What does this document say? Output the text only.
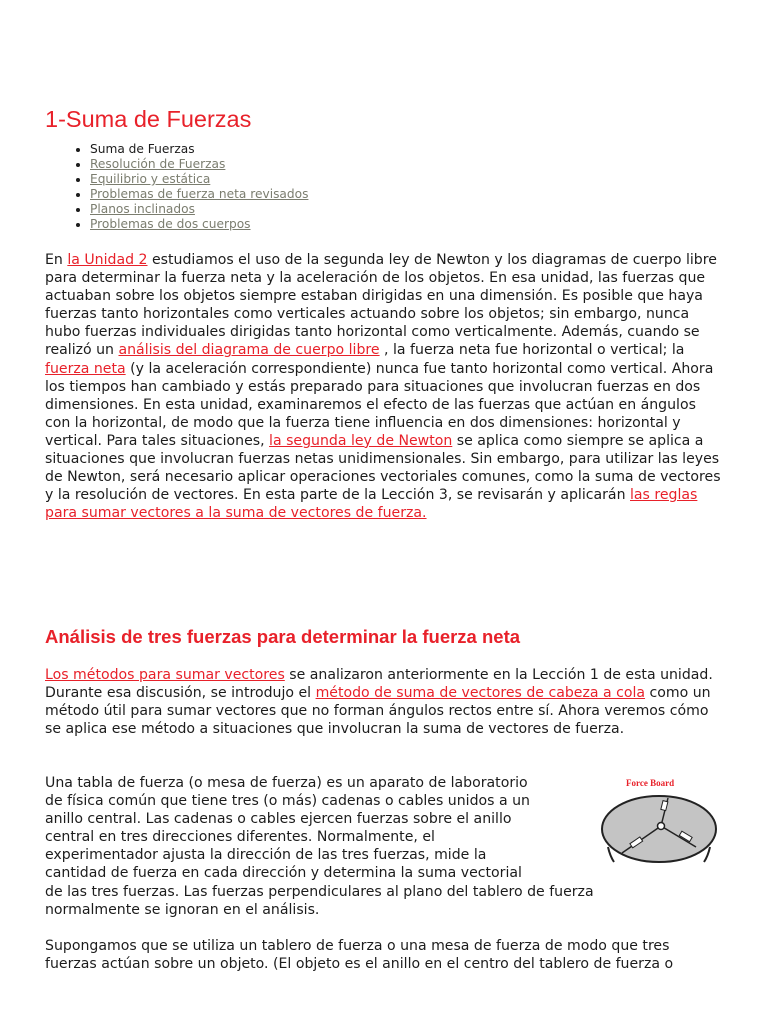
1-Suma de Fuerzas
• Suma de Fuerzas
• Resolución de Fuerzas
• Equilibrio y estática
• Problemas de fuerza neta revisados
• Planos inclinados
• Problemas de dos cuerpos

En la Unidad 2 estudiamos el uso de la segunda ley de Newton y los diagramas de cuerpo libre para determinar la fuerza neta y la aceleración de los objetos. En esa unidad, las fuerzas que actuaban sobre los objetos siempre estaban dirigidas en una dimensión. Es posible que haya fuerzas tanto horizontales como verticales actuando sobre los objetos; sin embargo, nunca hubo fuerzas individuales dirigidas tanto horizontal como verticalmente. Además, cuando se realizó un análisis del diagrama de cuerpo libre , la fuerza neta fue horizontal o vertical; la fuerza neta (y la aceleración correspondiente) nunca fue tanto horizontal como vertical. Ahora los tiempos han cambiado y estás preparado para situaciones que involucran fuerzas en dos dimensiones. En esta unidad, examinaremos el efecto de las fuerzas que actúan en ángulos con la horizontal, de modo que la fuerza tiene influencia en dos dimensiones: horizontal y vertical. Para tales situaciones, la segunda ley de Newton se aplica como siempre se aplica a situaciones que involucran fuerzas netas unidimensionales. Sin embargo, para utilizar las leyes de Newton, será necesario aplicar operaciones vectoriales comunes, como la suma de vectores y la resolución de vectores. En esta parte de la Lección 3, se revisarán y aplicarán las reglas para sumar vectores a la suma de vectores de fuerza.

Análisis de tres fuerzas para determinar la fuerza neta

Los métodos para sumar vectores se analizaron anteriormente en la Lección 1 de esta unidad. Durante esa discusión, se introdujo el método de suma de vectores de cabeza a cola como un método útil para sumar vectores que no forman ángulos rectos entre sí. Ahora veremos cómo se aplica ese método a situaciones que involucran la suma de vectores de fuerza.

Una tabla de fuerza (o mesa de fuerza) es un aparato de laboratorio
de física común que tiene tres (o más) cadenas o cables unidos a un
anillo central. Las cadenas o cables ejercen fuerzas sobre el anillo
central en tres direcciones diferentes. Normalmente, el
experimentador ajusta la dirección de las tres fuerzas, mide la
cantidad de fuerza en cada dirección y determina la suma vectorial
de las tres fuerzas. Las fuerzas perpendiculares al plano del tablero de fuerza
normalmente se ignoran en el análisis.

Supongamos que se utiliza un tablero de fuerza o una mesa de fuerza de modo que tres fuerzas actúan sobre un objeto. (El objeto es el anillo en el centro del tablero de fuerza o

Force Board
